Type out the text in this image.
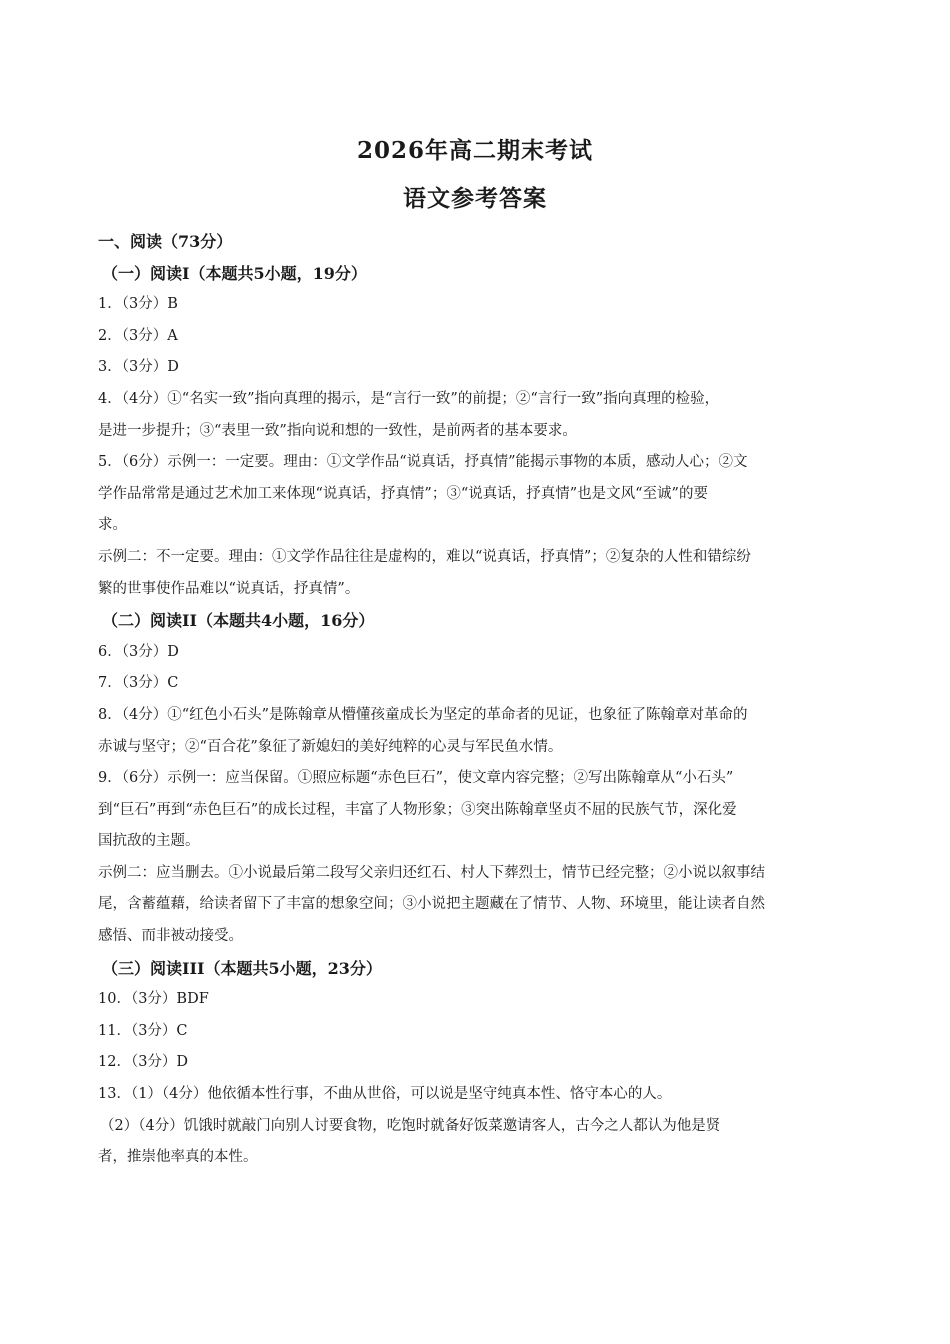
2026年高二期末考试
语文参考答案
一、阅读（73分）
（一）阅读I（本题共5小题，19分）
1．（3分）B
2．（3分）A
3．（3分）D
4．（4分）①“名实一致”指向真理的揭示，是“言行一致”的前提；②“言行一致”指向真理的检验，
是进一步提升；③“表里一致”指向说和想的一致性，是前两者的基本要求。
5．（6分）示例一：一定要。理由：①文学作品“说真话，抒真情”能揭示事物的本质，感动人心；②文
学作品常常是通过艺术加工来体现“说真话，抒真情”；③“说真话，抒真情”也是文风“至诚”的要
求。
示例二：不一定要。理由：①文学作品往往是虚构的，难以“说真话，抒真情”；②复杂的人性和错综纷
繁的世事使作品难以“说真话，抒真情”。
（二）阅读II（本题共4小题，16分）
6．（3分）D
7．（3分）C
8．（4分）①“红色小石头”是陈翰章从懵懂孩童成长为坚定的革命者的见证，也象征了陈翰章对革命的
赤诚与坚守；②“百合花”象征了新媳妇的美好纯粹的心灵与军民鱼水情。
9．（6分）示例一：应当保留。①照应标题“赤色巨石”，使文章内容完整；②写出陈翰章从“小石头”
到“巨石”再到“赤色巨石”的成长过程，丰富了人物形象；③突出陈翰章坚贞不屈的民族气节，深化爱
国抗敌的主题。
示例二：应当删去。①小说最后第二段写父亲归还红石、村人下葬烈士，情节已经完整；②小说以叙事结
尾，含蓄蕴藉，给读者留下了丰富的想象空间；③小说把主题藏在了情节、人物、环境里，能让读者自然
感悟、而非被动接受。
（三）阅读III（本题共5小题，23分）
10．（3分）BDF
11．（3分）C
12．（3分）D
13．（1）（4分）他依循本性行事，不曲从世俗，可以说是坚守纯真本性、恪守本心的人。
（2）（4分）饥饿时就敲门向别人讨要食物，吃饱时就备好饭菜邀请客人，古今之人都认为他是贤
者，推崇他率真的本性。
